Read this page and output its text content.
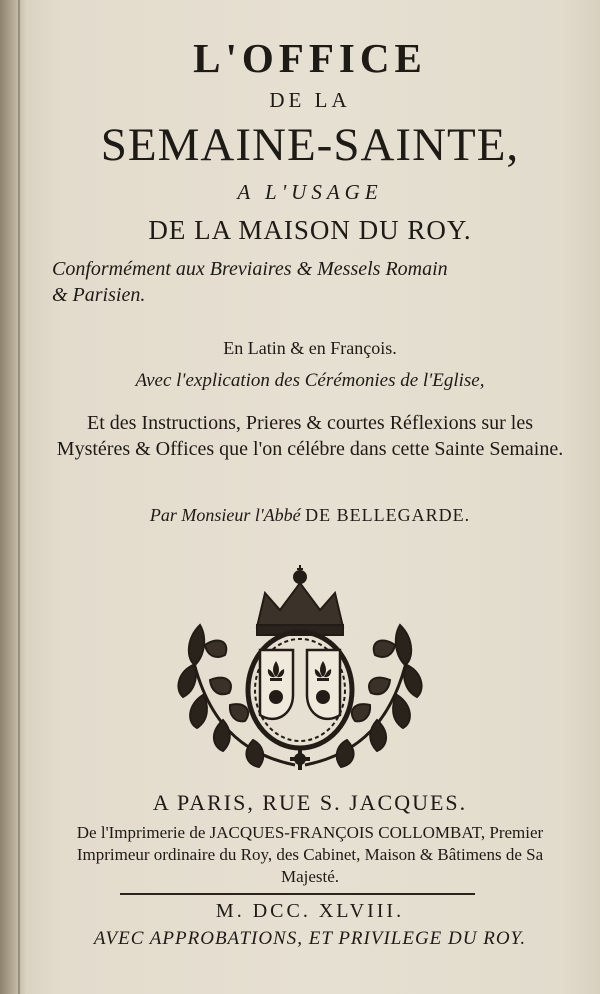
L'OFFICE
DE LA
SEMAINE-SAINTE,
A L'USAGE
DE LA MAISON DU ROY.
Conformément aux Breviaires & Messels Romain
& Parisien.
En Latin & en François.
Avec l'explication des Cérémonies de l'Eglise,
Et des Instructions, Prieres & courtes Réflexions sur les Mystéres & Offices que l'on célébre dans cette Sainte Semaine.
Par Monsieur l'Abbé DE BELLEGARDE.
A PARIS, RUE S. JACQUES.
De l'Imprimerie de JACQUES-FRANÇOIS COLLOMBAT, Premier Imprimeur ordinaire du Roy, des Cabinet, Maison & Bâtimens de Sa Majesté.
M. DCC. XLVIII.
AVEC APPROBATIONS, ET PRIVILEGE DU ROY.
